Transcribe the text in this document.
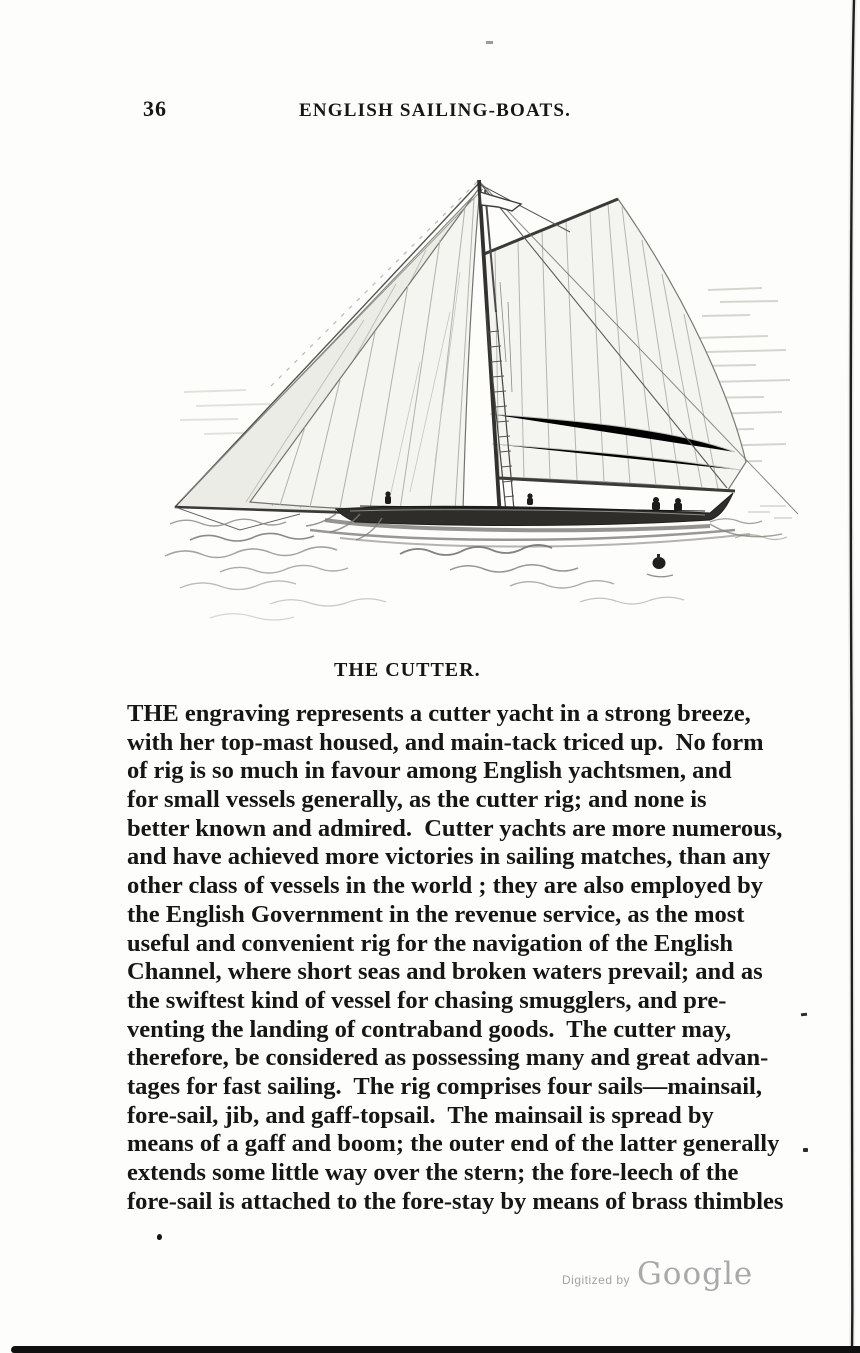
36	ENGLISH SAILING-BOATS.
THE CUTTER.
THE engraving represents a cutter yacht in a strong breeze,
with her top-mast housed, and main-tack triced up.  No form
of rig is so much in favour among English yachtsmen, and
for small vessels generally, as the cutter rig; and none is
better known and admired.  Cutter yachts are more numerous,
and have achieved more victories in sailing matches, than any
other class of vessels in the world ; they are also employed by
the English Government in the revenue service, as the most
useful and convenient rig for the navigation of the English
Channel, where short seas and broken waters prevail; and as
the swiftest kind of vessel for chasing smugglers, and pre-
venting the landing of contraband goods.  The cutter may,
therefore, be considered as possessing many and great advan-
tages for fast sailing.  The rig comprises four sails—mainsail,
fore-sail, jib, and gaff-topsail.  The mainsail is spread by
means of a gaff and boom; the outer end of the latter generally
extends some little way over the stern; the fore-leech of the
fore-sail is attached to the fore-stay by means of brass thimbles
Digitized by Google
